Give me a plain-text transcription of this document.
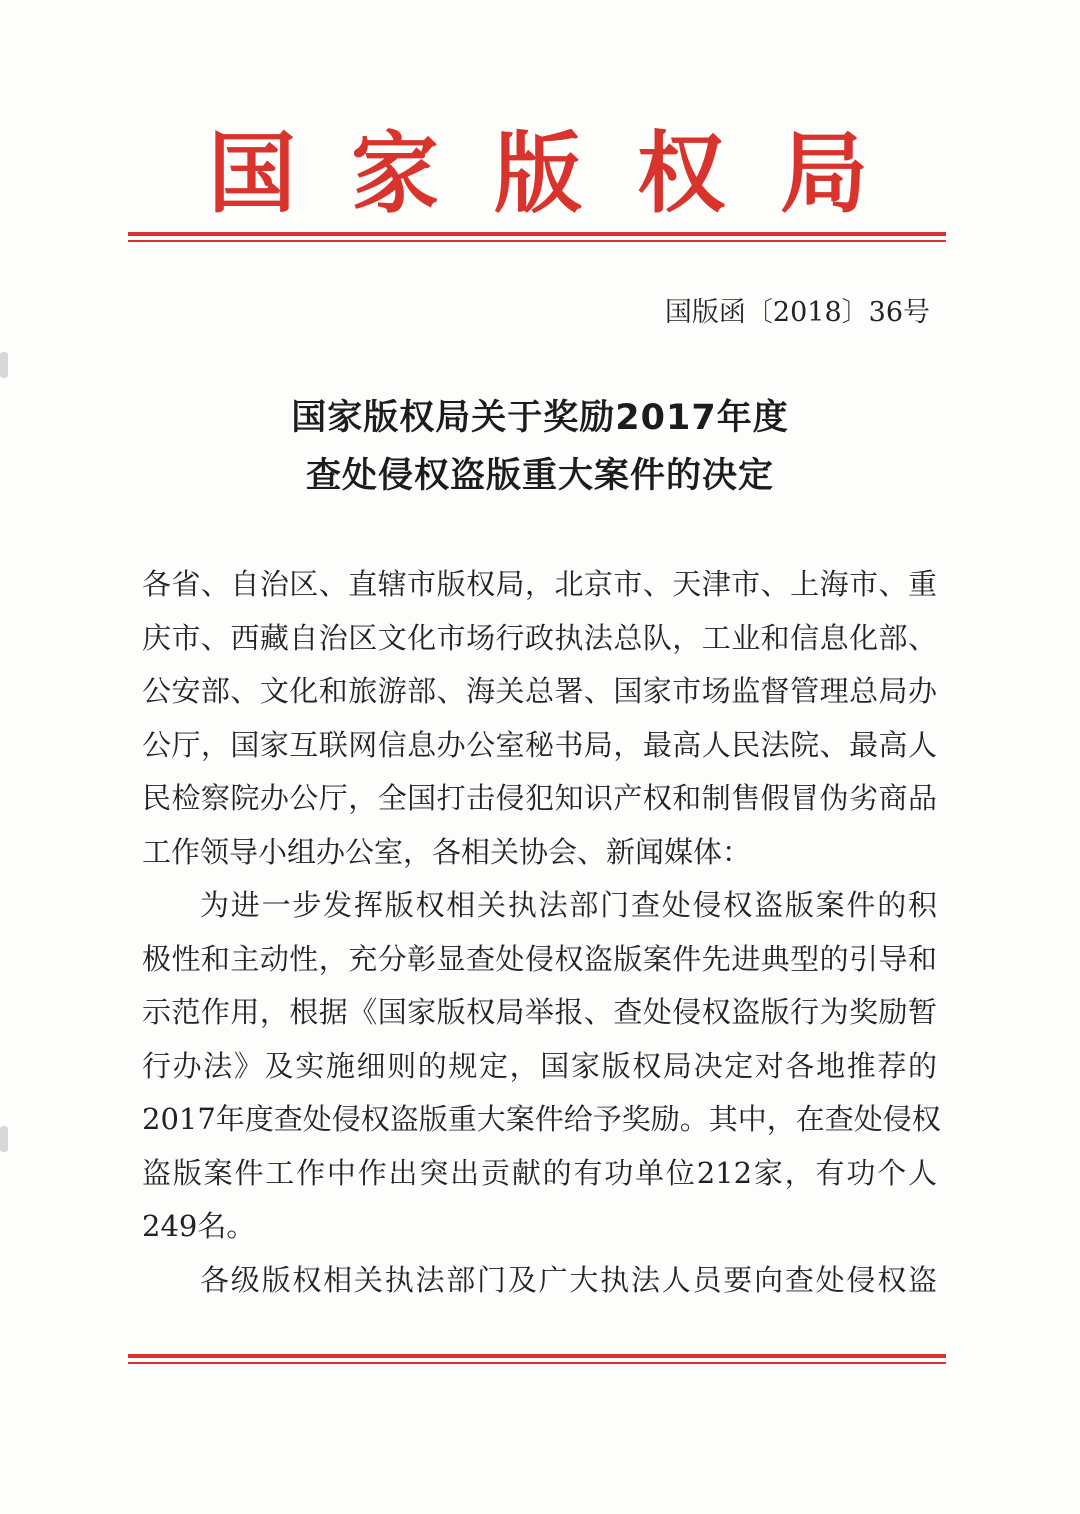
国 家 版 权 局
国版函〔2018〕36号
国家版权局关于奖励2017年度
查处侵权盗版重大案件的决定
各省、自治区、直辖市版权局，北京市、天津市、上海市、重
庆市、西藏自治区文化市场行政执法总队，工业和信息化部、
公安部、文化和旅游部、海关总署、国家市场监督管理总局办
公厅，国家互联网信息办公室秘书局，最高人民法院、最高人
民检察院办公厅，全国打击侵犯知识产权和制售假冒伪劣商品
工作领导小组办公室，各相关协会、新闻媒体：
为进一步发挥版权相关执法部门查处侵权盗版案件的积
极性和主动性，充分彰显查处侵权盗版案件先进典型的引导和
示范作用，根据《国家版权局举报、查处侵权盗版行为奖励暂
行办法》及实施细则的规定，国家版权局决定对各地推荐的
2017年度查处侵权盗版重大案件给予奖励。其中，在查处侵权
盗版案件工作中作出突出贡献的有功单位212家，有功个人
249名。
各级版权相关执法部门及广大执法人员要向查处侵权盗
